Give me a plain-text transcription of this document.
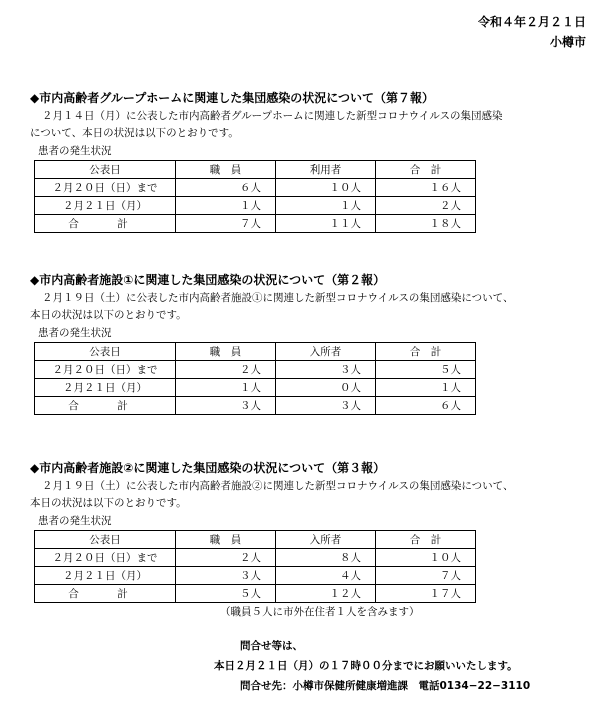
令和４年２月２１日
小樽市
◆市内高齢者グループホームに関連した集団感染の状況について（第７報）
２月１４日（月）に公表した市内高齢者グループホームに関連した新型コロナウイルスの集団感染
について、本日の状況は以下のとおりです。
患者の発生状況
公表日	職　員	利用者	合　計
２月２０日（日）まで	６人	１０人	１６人
２月２１日（月）	１人	１人	２人
合　計	７人	１１人	１８人
◆市内高齢者施設①に関連した集団感染の状況について（第２報）
２月１９日（土）に公表した市内高齢者施設①に関連した新型コロナウイルスの集団感染について、
本日の状況は以下のとおりです。
患者の発生状況
公表日	職　員	入所者	合　計
２月２０日（日）まで	２人	３人	５人
２月２１日（月）	１人	０人	１人
合　計	３人	３人	６人
◆市内高齢者施設②に関連した集団感染の状況について（第３報）
２月１９日（土）に公表した市内高齢者施設②に関連した新型コロナウイルスの集団感染について、
本日の状況は以下のとおりです。
患者の発生状況
公表日	職　員	入所者	合　計
２月２０日（日）まで	２人	８人	１０人
２月２１日（月）	３人	４人	７人
合　計	５人	１２人	１７人
（職員５人に市外在住者１人を含みます）
問合せ等は、
本日２月２１日（月）の１７時００分までにお願いいたします。
問合せ先：小樽市保健所健康増進課　電話0134−22−3110
